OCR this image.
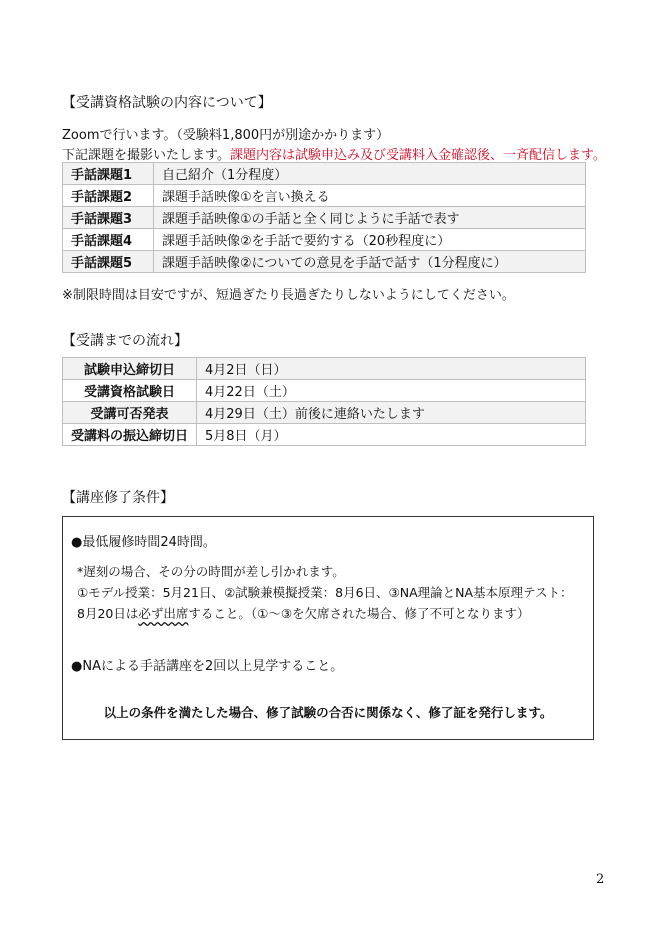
【受講資格試験の内容について】
Zoomで行います。（受験料1,800円が別途かかります）
下記課題を撮影いたします。課題内容は試験申込み及び受講料入金確認後、一斉配信します。
手話課題1	自己紹介（1分程度）
手話課題2	課題手話映像①を言い換える
手話課題3	課題手話映像①の手話と全く同じように手話で表す
手話課題4	課題手話映像②を手話で要約する（20秒程度に）
手話課題5	課題手話映像②についての意見を手話で話す（1分程度に）
※制限時間は目安ですが、短過ぎたり長過ぎたりしないようにしてください。
【受講までの流れ】
試験申込締切日	4月2日（日）
受講資格試験日	4月22日（土）
受講可否発表	4月29日（土）前後に連絡いたします
受講料の振込締切日	5月8日（月）
【講座修了条件】
●最低履修時間24時間。
*遅刻の場合、その分の時間が差し引かれます。
①モデル授業：5月21日、②試験兼模擬授業：8月6日、③NA理論とNA基本原理テスト：
8月20日は必ず出席すること。（①～③を欠席された場合、修了不可となります）
●NAによる手話講座を2回以上見学すること。
以上の条件を満たした場合、修了試験の合否に関係なく、修了証を発行します。
2
